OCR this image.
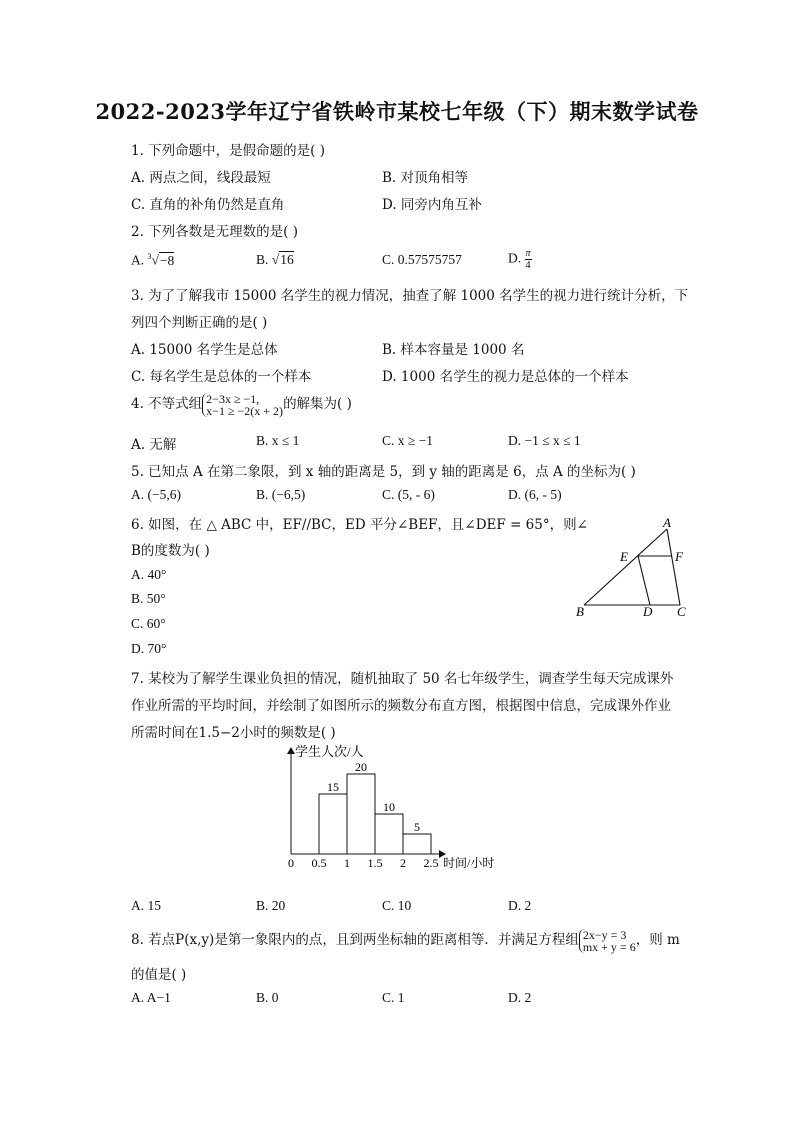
2022-2023学年辽宁省铁岭市某校七年级（下）期末数学试卷
1. 下列命题中，是假命题的是( )
A. 两点之间，线段最短	B. 对顶角相等
C. 直角的补角仍然是直角	D. 同旁内角互补
2. 下列各数是无理数的是( )
A. $^3$√−8	B. √16	C. 0.57575757	D. $\frac{\pi}{4}$
3. 为了了解我市 15000 名学生的视力情况，抽查了解 1000 名学生的视力进行统计分析，下
列四个判断正确的是( )
A. 15000 名学生是总体	B. 样本容量是 1000 名
C. 每名学生是总体的一个样本	D. 1000 名学生的视力是总体的一个样本
4. 不等式组 2−3x ≥ −1,
x−1 ≥ −2(x + 2) 的解集为( )
A. 无解	B. x ≤ 1	C. x ≥ −1	D. −1 ≤ x ≤ 1
5. 已知点 A 在第二象限，到 x 轴的距离是 5，到 y 轴的距离是 6，点 A 的坐标为( )
A. (−5,6)	B. (−6,5)	C. (5, - 6)	D. (6, - 5)
6. 如图，在 △ ABC 中，EF//BC，ED 平分∠BEF，且∠DEF = 65°，则∠
B的度数为( )
A. 40°
B. 50°
C. 60°
D. 70°
A
E	F
B	D C
7. 某校为了解学生课业负担的情况，随机抽取了 50 名七年级学生，调查学生每天完成课外
作业所需的平均时间，并绘制了如图所示的频数分布直方图，根据图中信息，完成课外作业
所需时间在1.5−2小时的频数是( )
学生人次/人
时间/小时
15
20
10
5
0 0.5 1 1.5 2 2.5
A. 15	B. 20	C. 10	D. 2
8. 若点P(x,y)是第一象限内的点，且到两坐标轴的距离相等．并满足方程组 2x−y = 3
mx + y = 6 ，则 m
的值是( )
A. A−1	B. 0	C. 1	D. 2
